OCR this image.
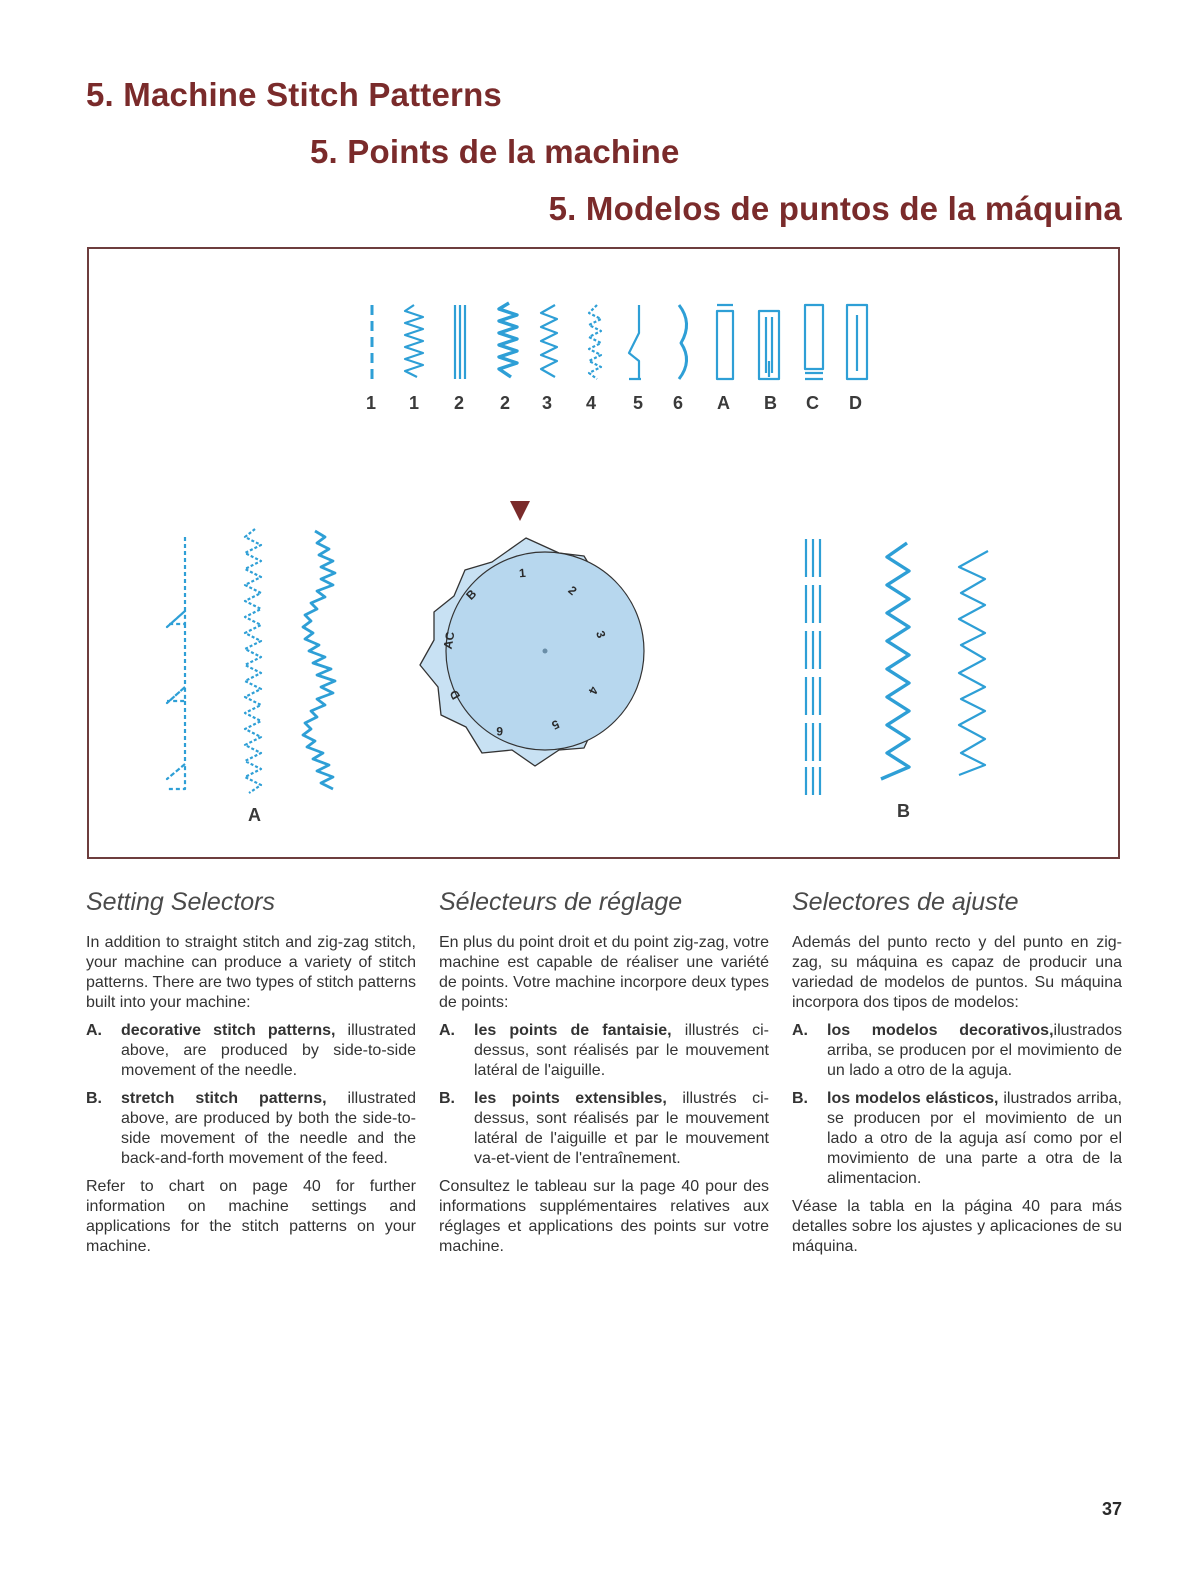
5. Machine Stitch Patterns
5. Points de la machine
5. Modelos de puntos de la máquina
1 1 2 2 3 4 5 6 A B C D
1
2
3
4
5
6
D
AC
B
A	B
Setting Selectors

In addition to straight stitch and zig-zag stitch, your machine can produce a variety of stitch patterns. There are two types of stitch patterns built into your machine:

A.	decorative stitch patterns, illustrated above, are produced by side-to-side movement of the needle.
B.	stretch stitch patterns, illustrated above, are produced by both the side-to-side movement of the needle and the back-and-forth movement of the feed.

Refer to chart on page 40 for further information on machine settings and applications for the stitch patterns on your machine.

Sélecteurs de réglage

En plus du point droit et du point zig-zag, votre machine est capable de réaliser une variété de points. Votre machine incorpore deux types de points:

A.	les points de fantaisie, illustrés ci-dessus, sont réalisés par le mouvement latéral de l'aiguille.
B.	les points extensibles, illustrés ci-dessus, sont réalisés par le mouvement latéral de l'aiguille et par le mouvement va-et-vient de l'entraînement.

Consultez le tableau sur la page 40 pour des informations supplémentaires relatives aux réglages et applications des points sur votre machine.

Selectores de ajuste

Además del punto recto y del punto en zig-zag, su máquina es capaz de producir una variedad de modelos de puntos. Su máquina incorpora dos tipos de modelos:

A.	los modelos decorativos,ilustrados arriba, se producen por el movimiento de un lado a otro de la aguja.
B.	los modelos elásticos, ilustrados arriba, se producen por el movimiento de un lado a otro de la aguja así como por el movimiento de una parte a otra de la alimentacion.

Véase la tabla en la página 40 para más detalles sobre los ajustes y aplicaciones de su máquina.

37
